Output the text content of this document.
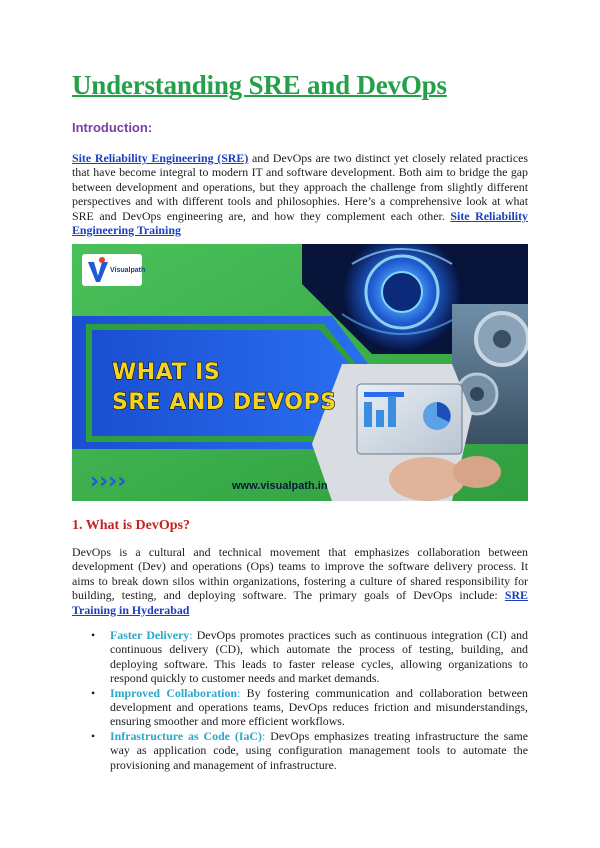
Understanding SRE and DevOps
Introduction:

Site Reliability Engineering (SRE) and DevOps are two distinct yet closely related practices that have become integral to modern IT and software development. Both aim to bridge the gap between development and operations, but they approach the challenge from slightly different perspectives and with different tools and philosophies. Here’s a comprehensive look at what SRE and DevOps engineering are, and how they complement each other. Site Reliability Engineering Training

Visualpath
WHAT IS
SRE AND DEVOPS
››››	www.visualpath.in
1. What is DevOps?

DevOps is a cultural and technical movement that emphasizes collaboration between development (Dev) and operations (Ops) teams to improve the software delivery process. It aims to break down silos within organizations, fostering a culture of shared responsibility for building, testing, and deploying software. The primary goals of DevOps include: SRE Training in Hyderabad

• Faster Delivery: DevOps promotes practices such as continuous integration (CI) and continuous delivery (CD), which automate the process of testing, building, and deploying software. This leads to faster release cycles, allowing organizations to respond quickly to customer needs and market demands.
• Improved Collaboration: By fostering communication and collaboration between development and operations teams, DevOps reduces friction and misunderstandings, ensuring smoother and more efficient workflows.
• Infrastructure as Code (IaC): DevOps emphasizes treating infrastructure the same way as application code, using configuration management tools to automate the provisioning and management of infrastructure.
